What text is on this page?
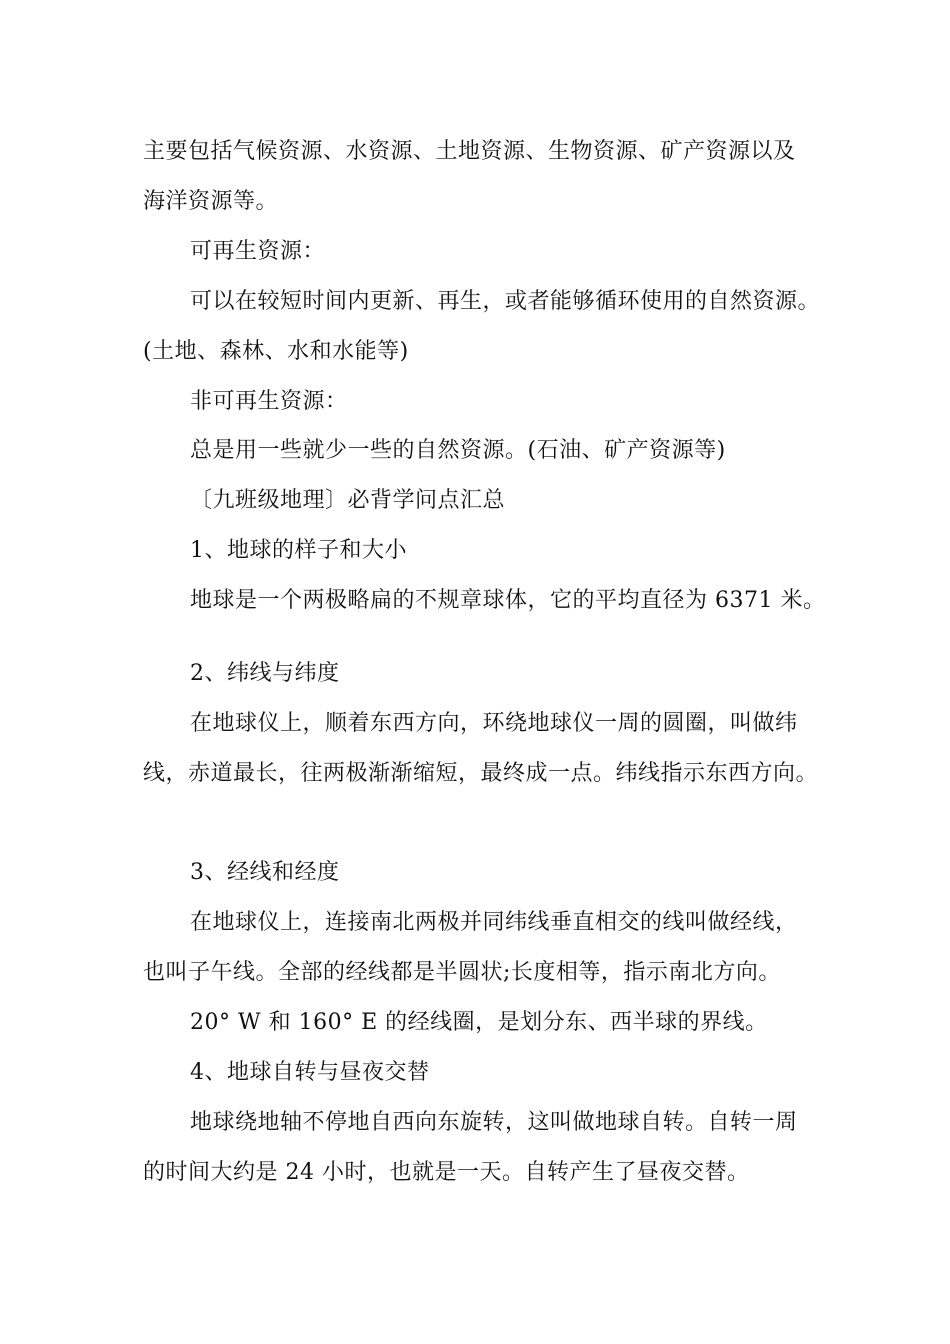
主要包括气候资源、水资源、土地资源、生物资源、矿产资源以及
海洋资源等。
可再生资源：
可以在较短时间内更新、再生，或者能够循环使用的自然资源。
(土地、森林、水和水能等)
非可再生资源：
总是用一些就少一些的自然资源。(石油、矿产资源等)
〔九班级地理〕必背学问点汇总
1、地球的样子和大小
地球是一个两极略扁的不规章球体，它的平均直径为 6371 米。
2、纬线与纬度
在地球仪上，顺着东西方向，环绕地球仪一周的圆圈，叫做纬
线，赤道最长，往两极渐渐缩短，最终成一点。纬线指示东西方向。
3、经线和经度
在地球仪上，连接南北两极并同纬线垂直相交的线叫做经线，
也叫子午线。全部的经线都是半圆状;长度相等，指示南北方向。
20° W 和 160° E 的经线圈，是划分东、西半球的界线。
4、地球自转与昼夜交替
地球绕地轴不停地自西向东旋转，这叫做地球自转。自转一周
的时间大约是 24 小时，也就是一天。自转产生了昼夜交替。
